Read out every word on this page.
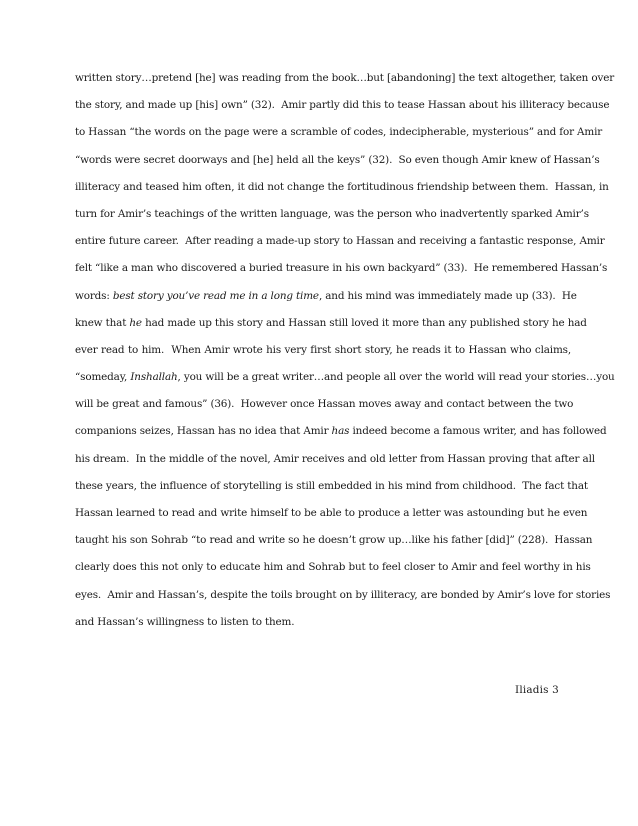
written story…pretend [he] was reading from the book…but [abandoning] the text altogether, taken over
the story, and made up [his] own” (32).  Amir partly did this to tease Hassan about his illiteracy because
to Hassan “the words on the page were a scramble of codes, indecipherable, mysterious” and for Amir
“words were secret doorways and [he] held all the keys” (32).  So even though Amir knew of Hassan’s
illiteracy and teased him often, it did not change the fortitudinous friendship between them.  Hassan, in
turn for Amir’s teachings of the written language, was the person who inadvertently sparked Amir’s
entire future career.  After reading a made-up story to Hassan and receiving a fantastic response, Amir
felt “like a man who discovered a buried treasure in his own backyard” (33).  He remembered Hassan’s
words: best story you’ve read me in a long time, and his mind was immediately made up (33).  He
knew that he had made up this story and Hassan still loved it more than any published story he had
ever read to him.  When Amir wrote his very first short story, he reads it to Hassan who claims,
“someday, Inshallah, you will be a great writer…and people all over the world will read your stories…you
will be great and famous” (36).  However once Hassan moves away and contact between the two
companions seizes, Hassan has no idea that Amir has indeed become a famous writer, and has followed
his dream.  In the middle of the novel, Amir receives and old letter from Hassan proving that after all
these years, the influence of storytelling is still embedded in his mind from childhood.  The fact that
Hassan learned to read and write himself to be able to produce a letter was astounding but he even
taught his son Sohrab “to read and write so he doesn’t grow up…like his father [did]” (228).  Hassan
clearly does this not only to educate him and Sohrab but to feel closer to Amir and feel worthy in his
eyes.  Amir and Hassan’s, despite the toils brought on by illiteracy, are bonded by Amir’s love for stories
and Hassan’s willingness to listen to them.
Iliadis 3
